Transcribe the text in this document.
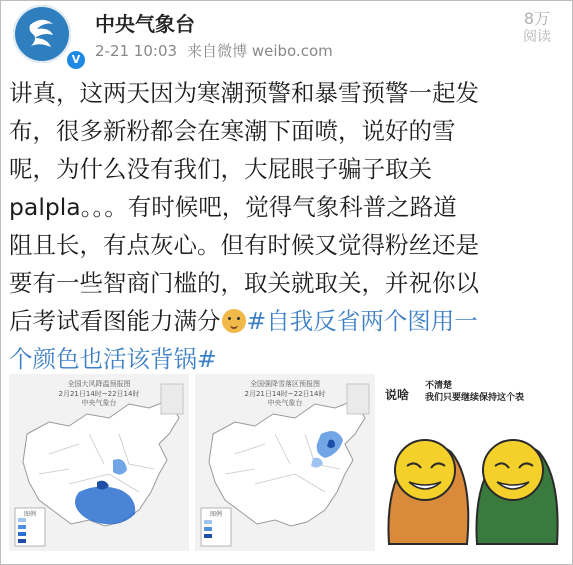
V
中央气象台
2-21 10:03 来自微博 weibo.com
8万
阅读

讲真，这两天因为寒潮预警和暴雪预警一起发

布，很多新粉都会在寒潮下面喷，说好的雪

呢，为什么没有我们，大屁眼子骗子取关

palpla。。。有时候吧，觉得气象科普之路道

阻且长，有点灰心。但有时候又觉得粉丝还是

要有一些智商门槛的，取关就取关，并祝你以

后考试看图能力满分 #自我反省两个图用一

个颜色也活该背锅#

全国大风降温预报图
2月21日14时~22日14时
中央气象台
图例
全国强降雪落区预报图
2月21日14时~22日14时
中央气象台
图例
说啥
不清楚
我们只要继续保持这个表
